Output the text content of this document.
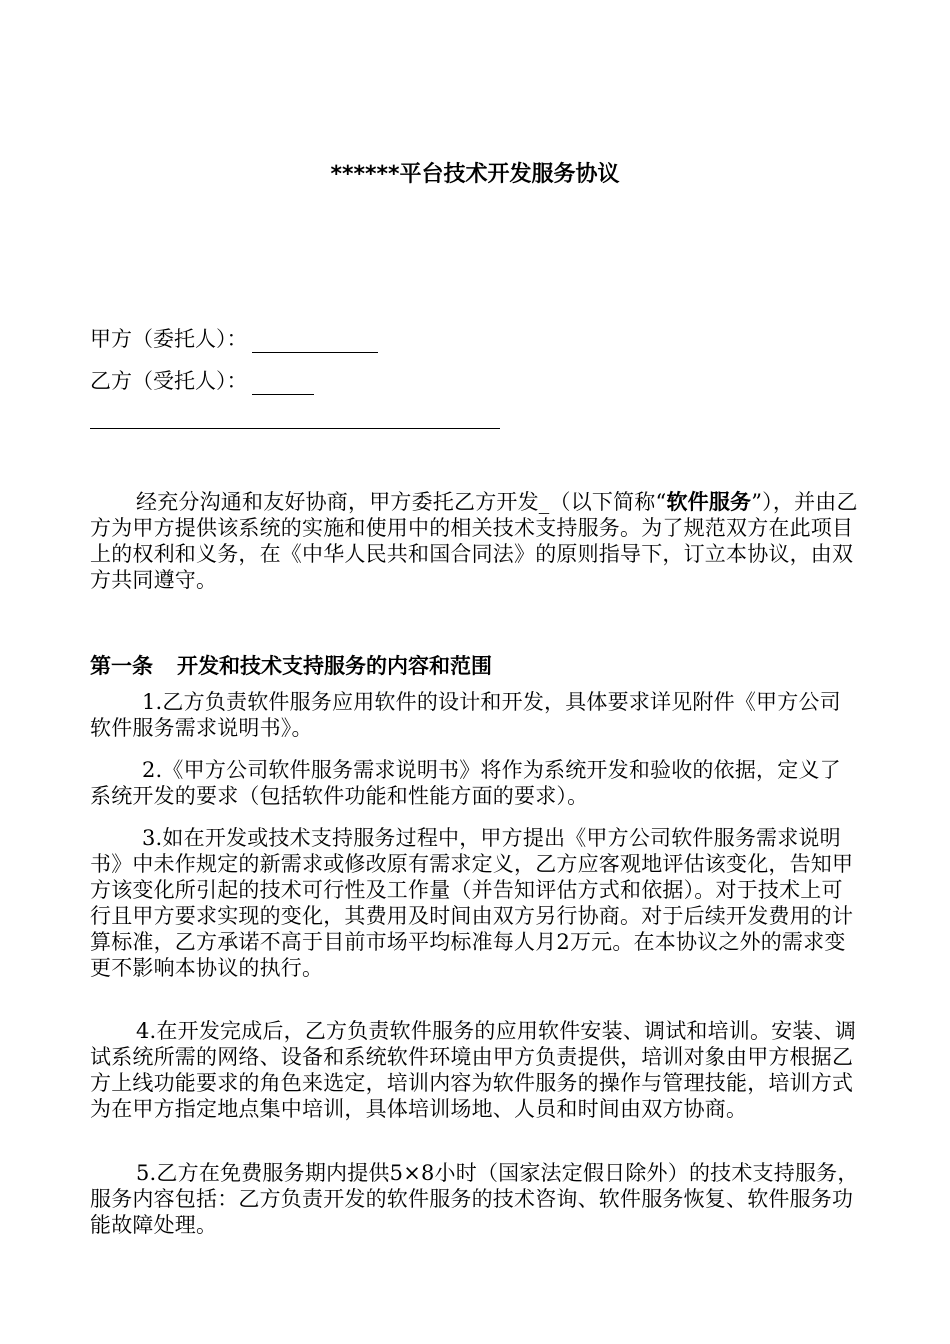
******平台技术开发服务协议
甲方（委托人）：
乙方（受托人）：
经充分沟通和友好协商，甲方委托乙方开发_（以下简称“软件服务”），并由乙方为甲方提供该系统的实施和使用中的相关技术支持服务。为了规范双方在此项目上的权利和义务，在《中华人民共和国合同法》的原则指导下，订立本协议，由双方共同遵守。
第一条 开发和技术支持服务的内容和范围
1.乙方负责软件服务应用软件的设计和开发，具体要求详见附件《甲方公司软件服务需求说明书》。
2.《甲方公司软件服务需求说明书》将作为系统开发和验收的依据，定义了系统开发的要求（包括软件功能和性能方面的要求）。
3.如在开发或技术支持服务过程中，甲方提出《甲方公司软件服务需求说明书》中未作规定的新需求或修改原有需求定义，乙方应客观地评估该变化，告知甲方该变化所引起的技术可行性及工作量（并告知评估方式和依据）。对于技术上可行且甲方要求实现的变化，其费用及时间由双方另行协商。对于后续开发费用的计算标准，乙方承诺不高于目前市场平均标准每人月2万元。在本协议之外的需求变更不影响本协议的执行。
4.在开发完成后，乙方负责软件服务的应用软件安装、调试和培训。安装、调试系统所需的网络、设备和系统软件环境由甲方负责提供，培训对象由甲方根据乙方上线功能要求的角色来选定，培训内容为软件服务的操作与管理技能，培训方式为在甲方指定地点集中培训，具体培训场地、人员和时间由双方协商。
5.乙方在免费服务期内提供5×8小时（国家法定假日除外）的技术支持服务，服务内容包括：乙方负责开发的软件服务的技术咨询、软件服务恢复、软件服务功能故障处理。
